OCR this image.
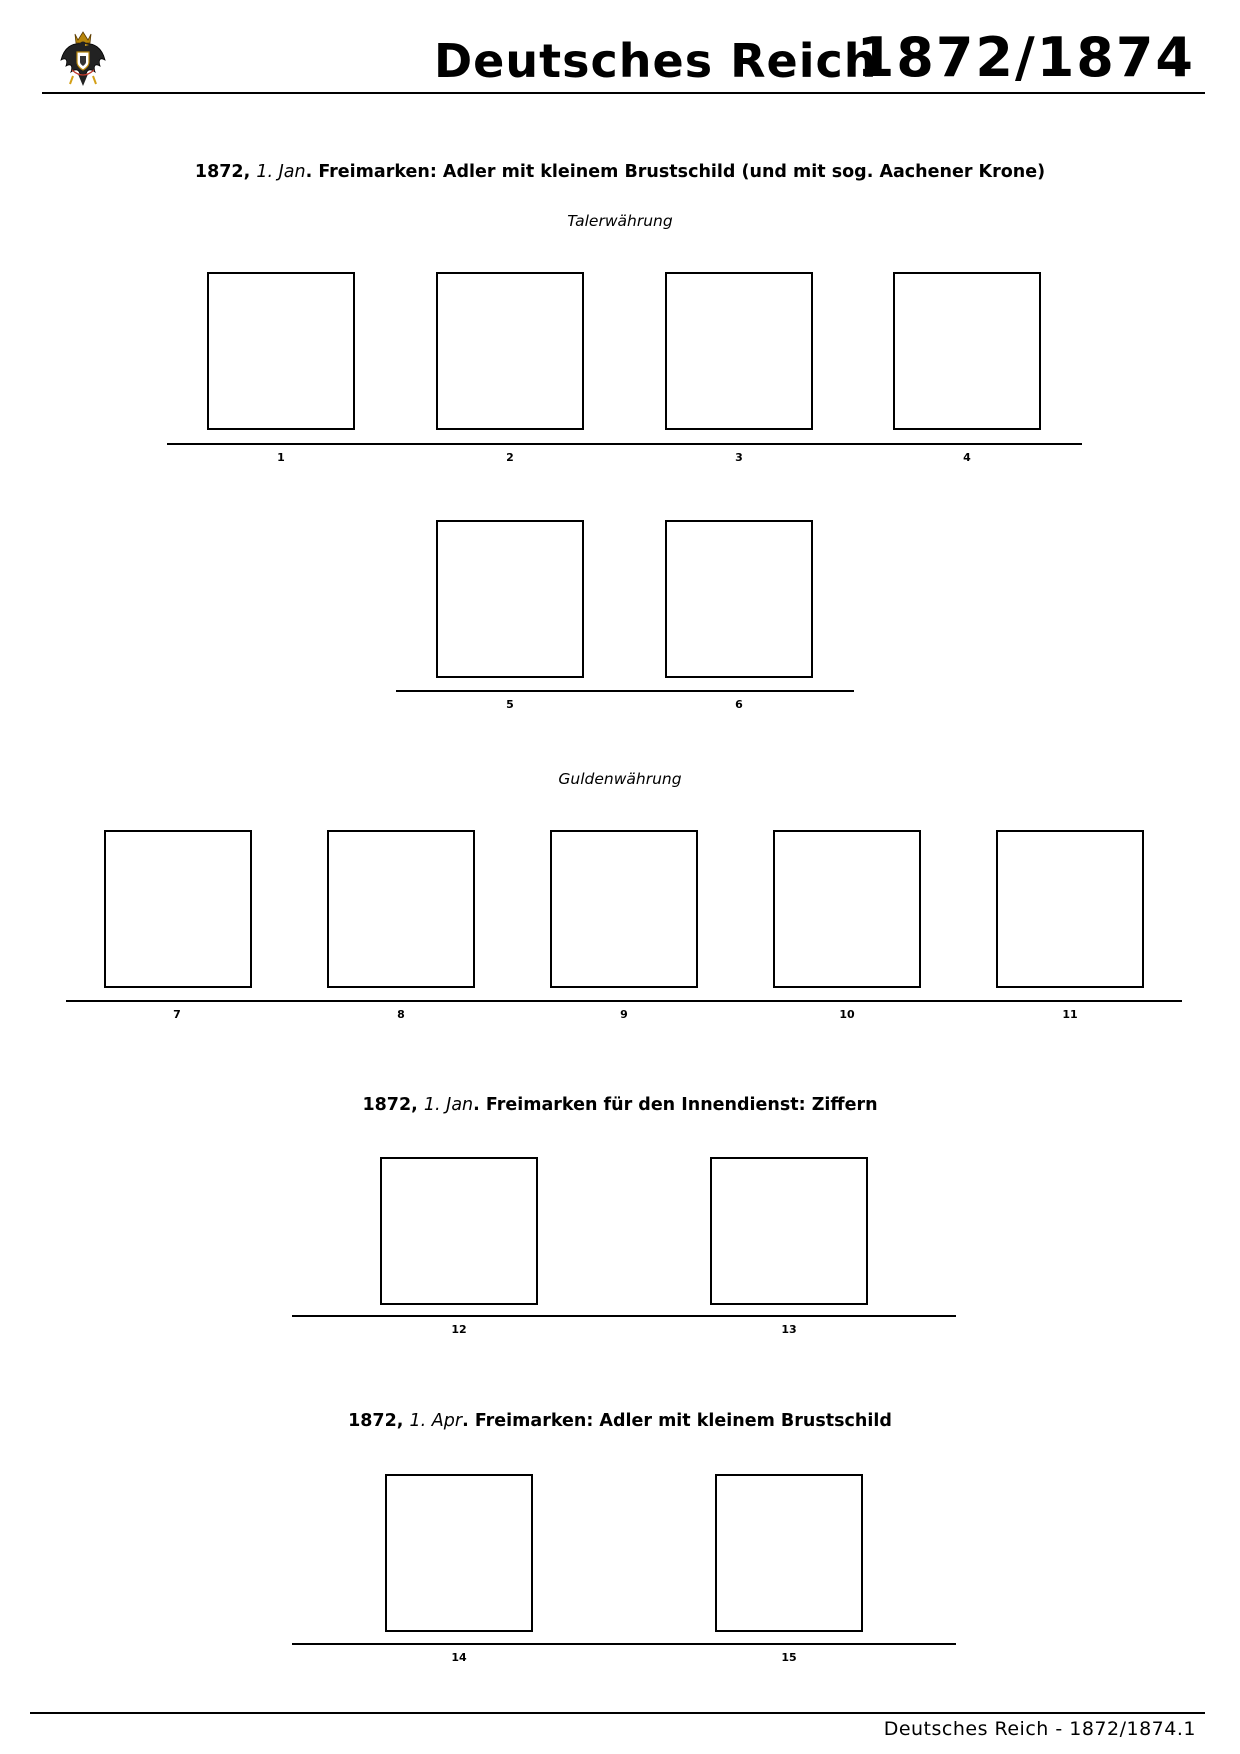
Deutsches Reich
1872/1874
1872, 1. Jan. Freimarken: Adler mit kleinem Brustschild (und mit sog. Aachener Krone)
Talerwährung
1	2	3	4
5	6
Guldenwährung
7	8	9	10	11
1872, 1. Jan. Freimarken für den Innendienst: Ziffern
12	13
1872, 1. Apr. Freimarken: Adler mit kleinem Brustschild
14	15
Deutsches Reich - 1872/1874.1
